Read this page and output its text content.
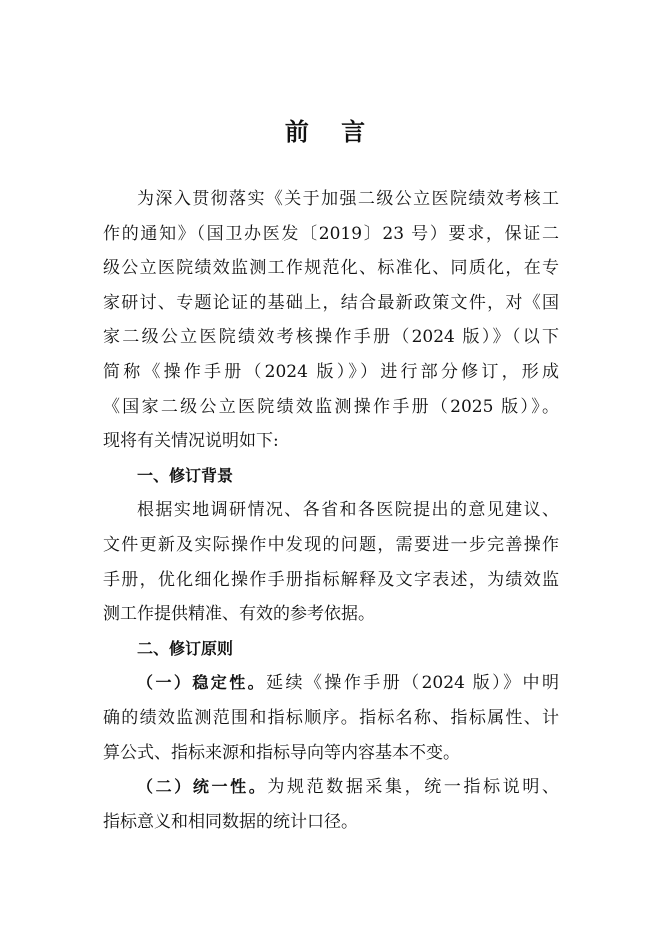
前 言
为深入贯彻落实《关于加强二级公立医院绩效考核工
作的通知》（国卫办医发〔2019〕23 号）要求，保证二
级公立医院绩效监测工作规范化、标准化、同质化，在专
家研讨、专题论证的基础上，结合最新政策文件，对《国
家二级公立医院绩效考核操作手册（2024 版）》（以下
简称《操作手册（2024 版）》）进行部分修订，形成
《国家二级公立医院绩效监测操作手册（2025 版）》。
现将有关情况说明如下:
一、修订背景
根据实地调研情况、各省和各医院提出的意见建议、
文件更新及实际操作中发现的问题，需要进一步完善操作
手册，优化细化操作手册指标解释及文字表述，为绩效监
测工作提供精准、有效的参考依据。
二、修订原则
（一）稳定性。延续《操作手册（2024 版）》中明
确的绩效监测范围和指标顺序。指标名称、指标属性、计
算公式、指标来源和指标导向等内容基本不变。
（二）统一性。为规范数据采集，统一指标说明、
指标意义和相同数据的统计口径。
